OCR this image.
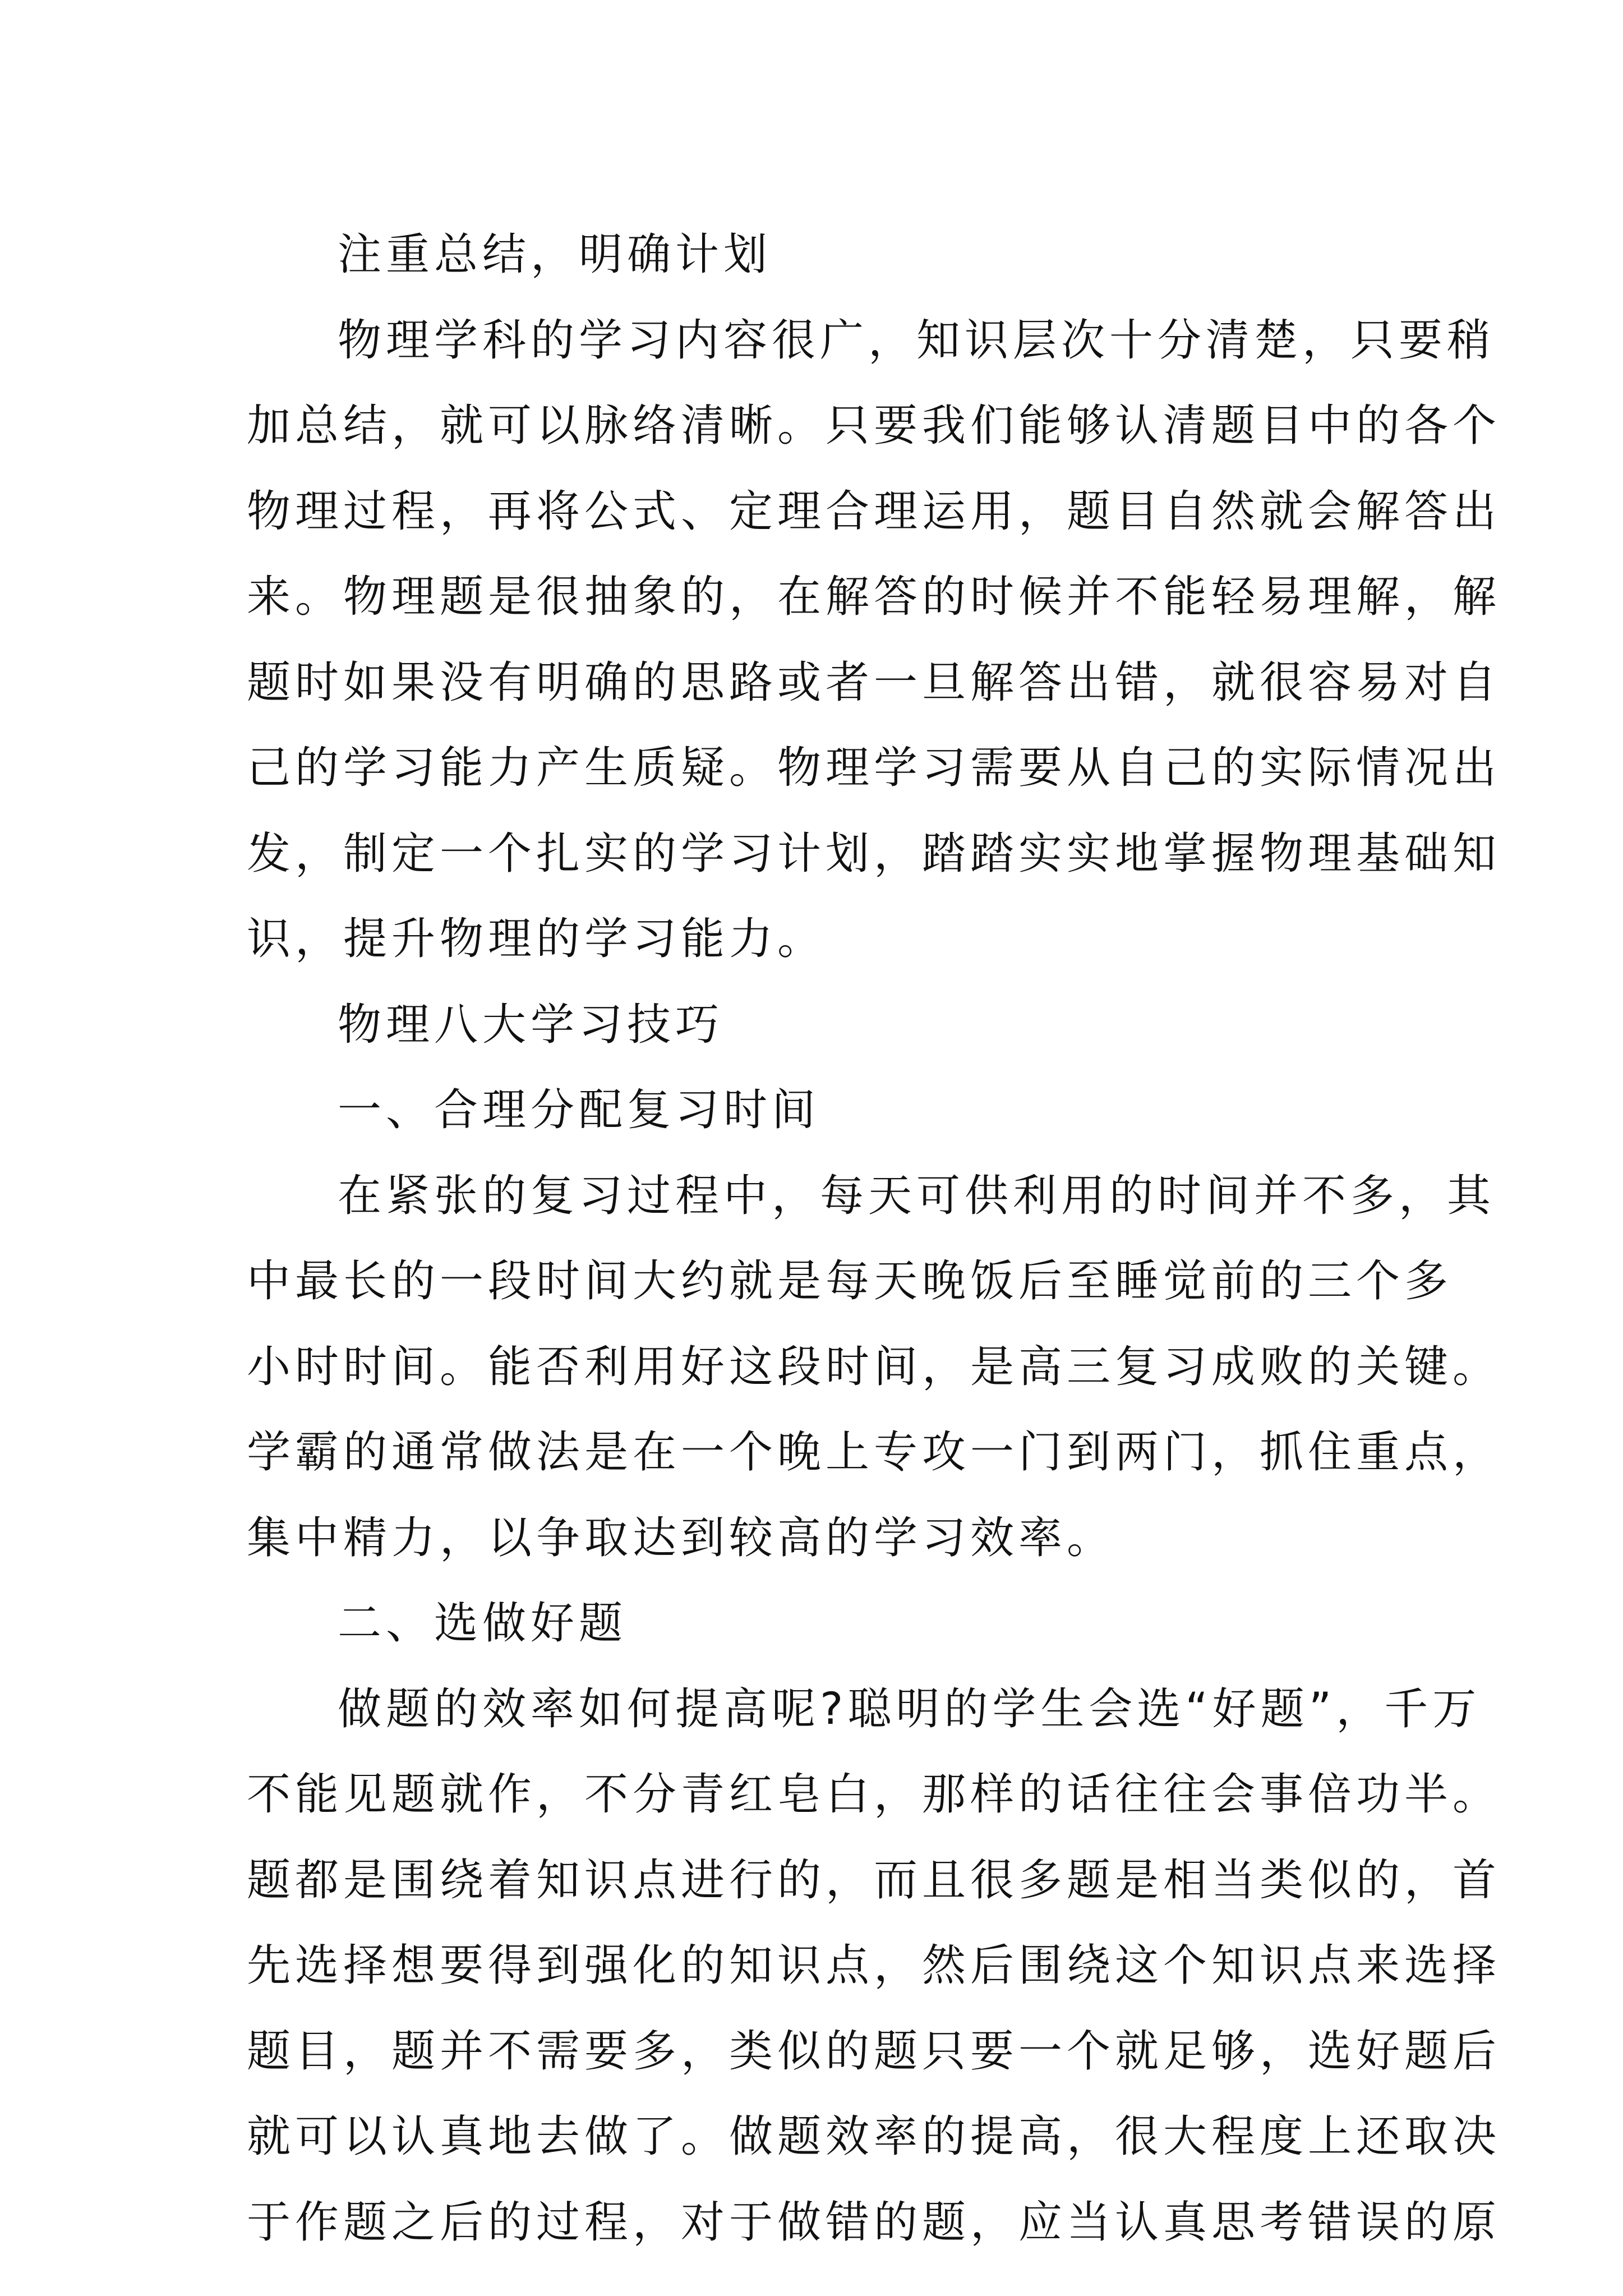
注重总结，明确计划
物理学科的学习内容很广，知识层次十分清楚，只要稍
加总结，就可以脉络清晰。只要我们能够认清题目中的各个
物理过程，再将公式、定理合理运用，题目自然就会解答出
来。物理题是很抽象的，在解答的时候并不能轻易理解，解
题时如果没有明确的思路或者一旦解答出错，就很容易对自
己的学习能力产生质疑。物理学习需要从自己的实际情况出
发，制定一个扎实的学习计划，踏踏实实地掌握物理基础知
识，提升物理的学习能力。
物理八大学习技巧
一、合理分配复习时间
在紧张的复习过程中，每天可供利用的时间并不多，其
中最长的一段时间大约就是每天晚饭后至睡觉前的三个多
小时时间。能否利用好这段时间，是高三复习成败的关键。
学霸的通常做法是在一个晚上专攻一门到两门，抓住重点，
集中精力，以争取达到较高的学习效率。
二、选做好题
做题的效率如何提高呢?聪明的学生会选“好题”，千万
不能见题就作，不分青红皂白，那样的话往往会事倍功半。
题都是围绕着知识点进行的，而且很多题是相当类似的，首
先选择想要得到强化的知识点，然后围绕这个知识点来选择
题目，题并不需要多，类似的题只要一个就足够，选好题后
就可以认真地去做了。做题效率的提高，很大程度上还取决
于作题之后的过程，对于做错的题，应当认真思考错误的原
